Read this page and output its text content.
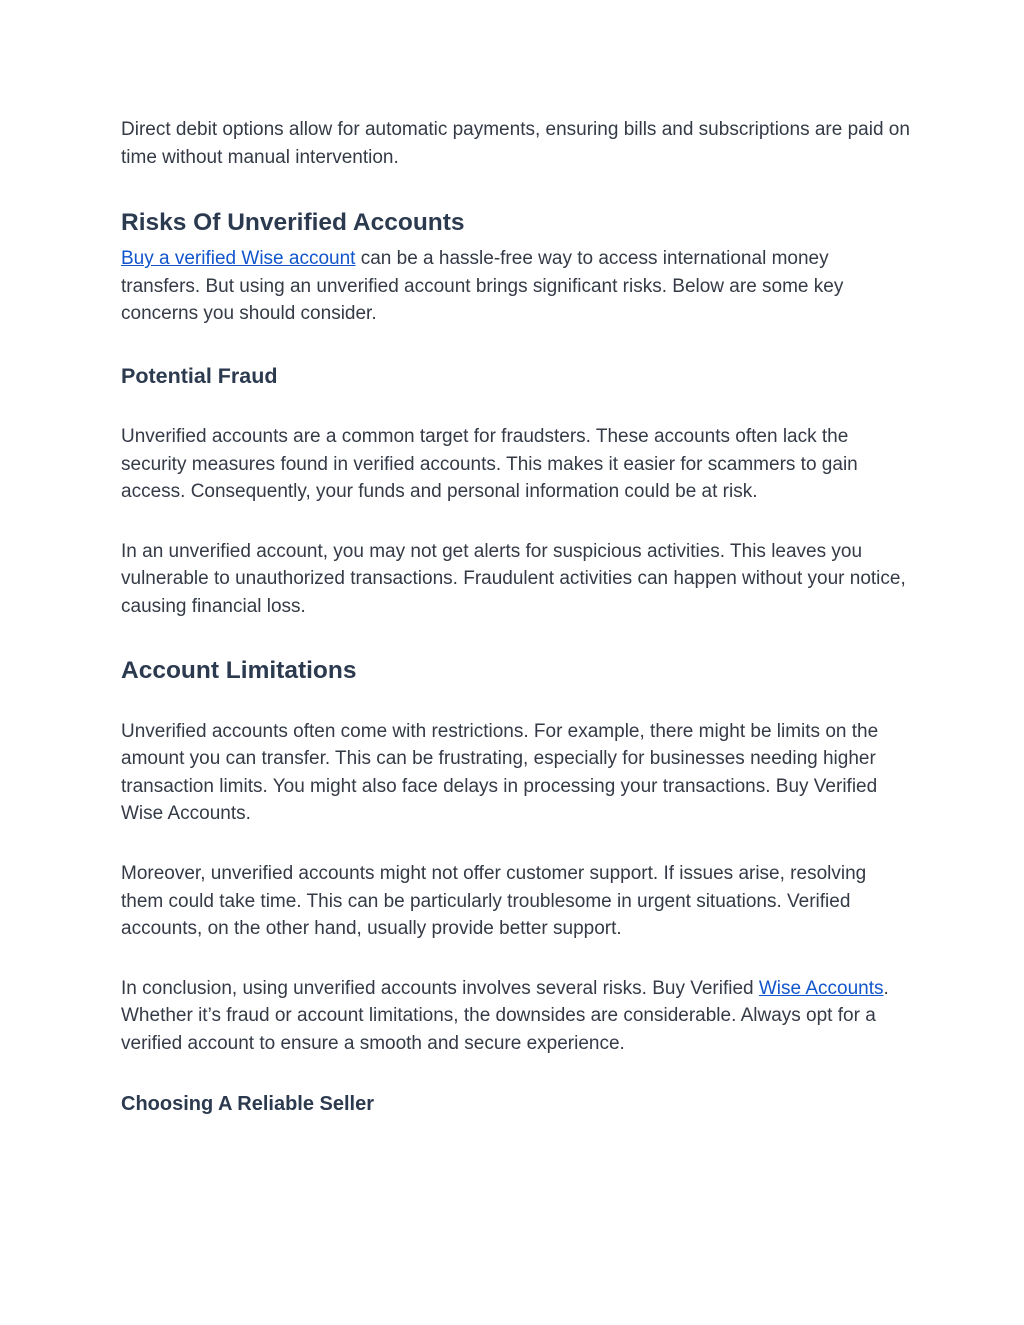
Direct debit options allow for automatic payments, ensuring bills and subscriptions are paid on time without manual intervention.

Risks Of Unverified Accounts

Buy a verified Wise account can be a hassle-free way to access international money transfers. But using an unverified account brings significant risks. Below are some key concerns you should consider.

Potential Fraud

Unverified accounts are a common target for fraudsters. These accounts often lack the security measures found in verified accounts. This makes it easier for scammers to gain access. Consequently, your funds and personal information could be at risk.

In an unverified account, you may not get alerts for suspicious activities. This leaves you vulnerable to unauthorized transactions. Fraudulent activities can happen without your notice, causing financial loss.

Account Limitations

Unverified accounts often come with restrictions. For example, there might be limits on the amount you can transfer. This can be frustrating, especially for businesses needing higher transaction limits. You might also face delays in processing your transactions. Buy Verified Wise Accounts.

Moreover, unverified accounts might not offer customer support. If issues arise, resolving them could take time. This can be particularly troublesome in urgent situations. Verified accounts, on the other hand, usually provide better support.

In conclusion, using unverified accounts involves several risks. Buy Verified Wise Accounts. Whether it’s fraud or account limitations, the downsides are considerable. Always opt for a verified account to ensure a smooth and secure experience.

Choosing A Reliable Seller
